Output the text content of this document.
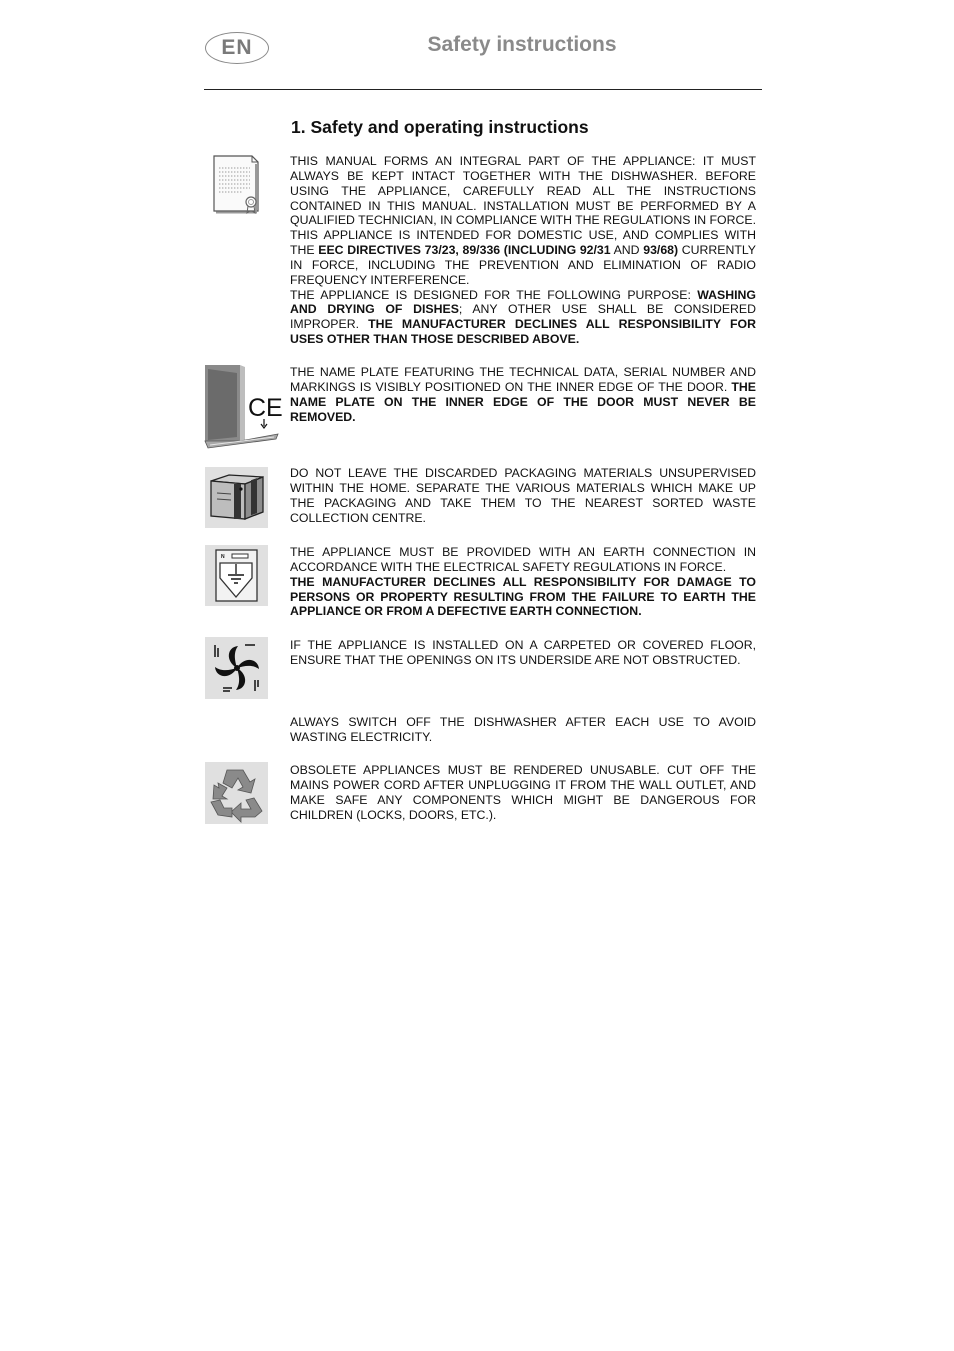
EN	Safety instructions
1. Safety and operating instructions

THIS MANUAL FORMS AN INTEGRAL PART OF THE APPLIANCE: IT MUST ALWAYS BE KEPT INTACT TOGETHER WITH THE DISHWASHER. BEFORE USING THE APPLIANCE, CAREFULLY READ ALL THE INSTRUCTIONS CONTAINED IN THIS MANUAL. INSTALLATION MUST BE PERFORMED BY A QUALIFIED TECHNICIAN, IN COMPLIANCE WITH THE REGULATIONS IN FORCE. THIS APPLIANCE IS INTENDED FOR DOMESTIC USE, AND COMPLIES WITH THE EEC DIRECTIVES 73/23, 89/336 (INCLUDING 92/31 AND 93/68) CURRENTLY IN FORCE, INCLUDING THE PREVENTION AND ELIMINATION OF RADIO FREQUENCY INTERFERENCE.

THE APPLIANCE IS DESIGNED FOR THE FOLLOWING PURPOSE: WASHING AND DRYING OF DISHES; ANY OTHER USE SHALL BE CONSIDERED IMPROPER. THE MANUFACTURER DECLINES ALL RESPONSIBILITY FOR USES OTHER THAN THOSE DESCRIBED ABOVE.

CE

THE NAME PLATE FEATURING THE TECHNICAL DATA, SERIAL NUMBER AND MARKINGS IS VISIBLY POSITIONED ON THE INNER EDGE OF THE DOOR. THE NAME PLATE ON THE INNER EDGE OF THE DOOR MUST NEVER BE REMOVED.

DO NOT LEAVE THE DISCARDED PACKAGING MATERIALS UNSUPERVISED WITHIN THE HOME. SEPARATE THE VARIOUS MATERIALS WHICH MAKE UP THE PACKAGING AND TAKE THEM TO THE NEAREST SORTED WASTE COLLECTION CENTRE.

N	THE APPLIANCE MUST BE PROVIDED WITH AN EARTH CONNECTION IN ACCORDANCE WITH THE ELECTRICAL SAFETY REGULATIONS IN FORCE.

THE MANUFACTURER DECLINES ALL RESPONSIBILITY FOR DAMAGE TO PERSONS OR PROPERTY RESULTING FROM THE FAILURE TO EARTH THE APPLIANCE OR FROM A DEFECTIVE EARTH CONNECTION.

IF THE APPLIANCE IS INSTALLED ON A CARPETED OR COVERED FLOOR, ENSURE THAT THE OPENINGS ON ITS UNDERSIDE ARE NOT OBSTRUCTED.

ALWAYS SWITCH OFF THE DISHWASHER AFTER EACH USE TO AVOID WASTING ELECTRICITY.

OBSOLETE APPLIANCES MUST BE RENDERED UNUSABLE. CUT OFF THE MAINS POWER CORD AFTER UNPLUGGING IT FROM THE WALL OUTLET, AND MAKE SAFE ANY COMPONENTS WHICH MIGHT BE DANGEROUS FOR CHILDREN (LOCKS, DOORS, ETC.).
